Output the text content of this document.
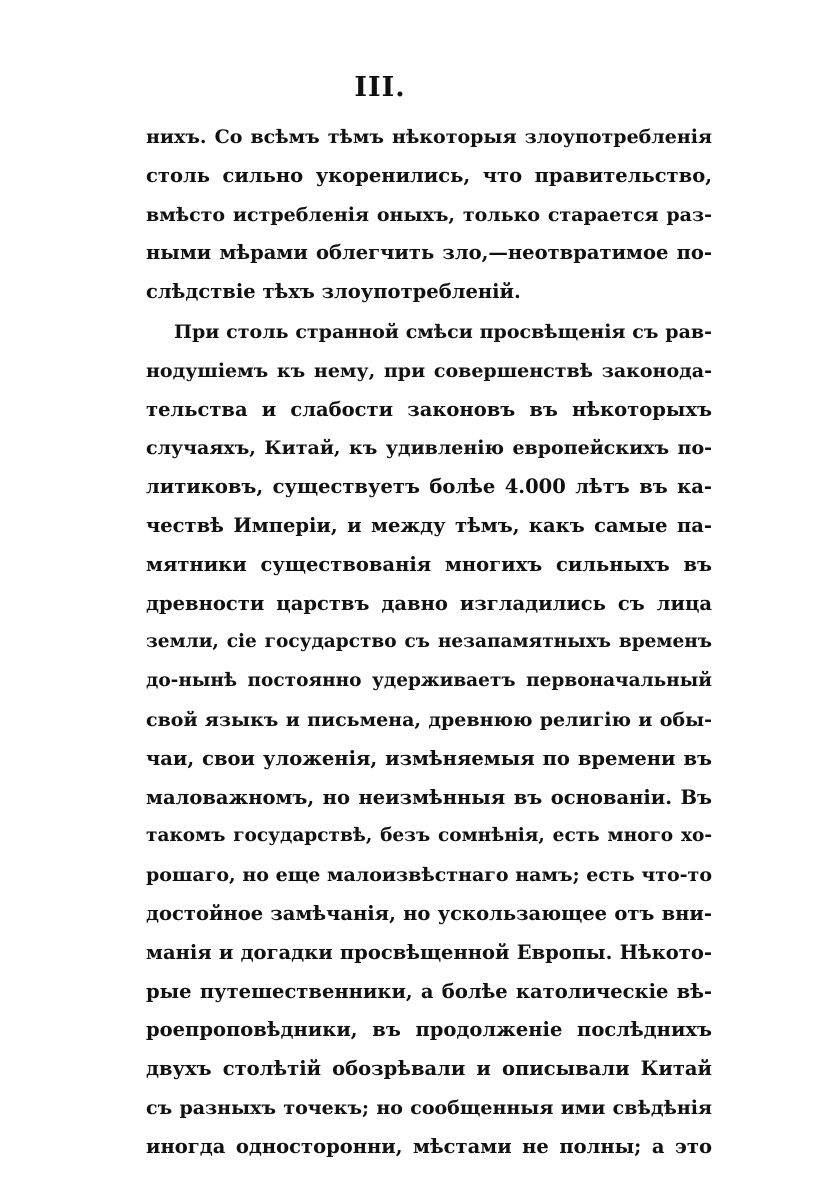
III.
нихъ. Со всѣмъ тѣмъ нѣкоторыя злоупотребленія
столь сильно укоренились, что правительство,
вмѣсто истребленія оныхъ, только старается раз-
ными мѣрами облегчить зло,—неотвратимое по-
слѣдствіе тѣхъ злоупотребленій.
При столь странной смѣси просвѣщенія съ рав-
нодушіемъ къ нему, при совершенствѣ законода-
тельства и слабости законовъ въ нѣкоторыхъ
случаяхъ, Китай, къ удивленію европейскихъ по-
литиковъ, существуетъ болѣе 4.000 лѣтъ въ ка-
чествѣ Имперіи, и между тѣмъ, какъ самые па-
мятники существованія многихъ сильныхъ въ
древности царствъ давно изгладились съ лица
земли, сіе государство съ незапамятныхъ временъ
до-нынѣ постоянно удерживаетъ первоначальный
свой языкъ и письмена, древнюю религію и обы-
чаи, свои уложенія, измѣняемыя по времени въ
маловажномъ, но неизмѣнныя въ основаніи. Въ
такомъ государствѣ, безъ сомнѣнія, есть много хо-
рошаго, но еще малоизвѣстнаго намъ; есть что-то
достойное замѣчанія, но ускользающее отъ вни-
манія и догадки просвѣщенной Европы. Нѣкото-
рые путешественники, а болѣе католическіе вѣ-
роепроповѣдники, въ продолженіе послѣднихъ
двухъ столѣтій обозрѣвали и описывали Китай
съ разныхъ точекъ; но сообщенныя ими свѣдѣнія
иногда односторонни, мѣстами не полны; а это
